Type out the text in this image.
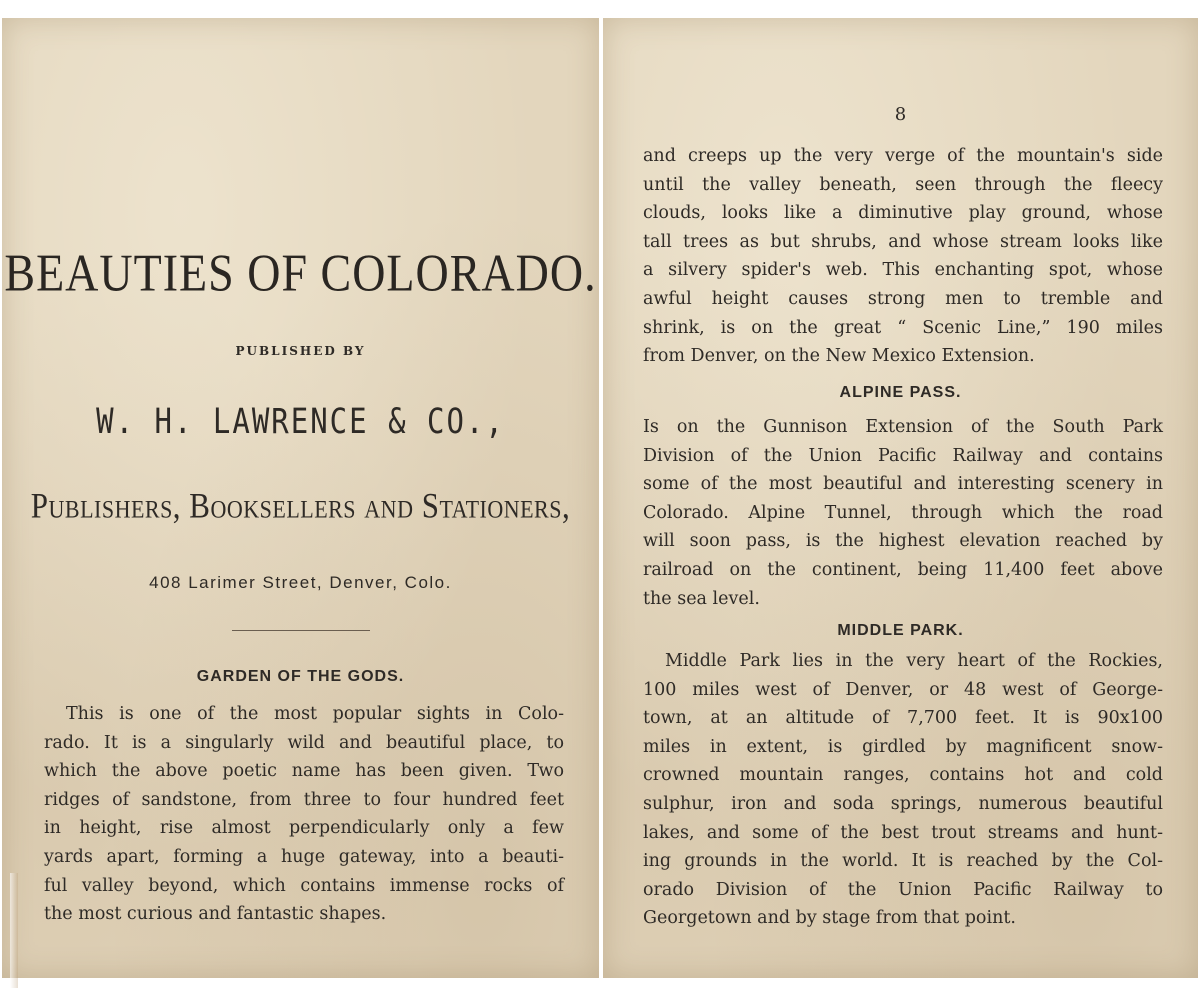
BEAUTIES OF COLORADO.
PUBLISHED BY
W. H. LAWRENCE & CO.,
Publishers, Booksellers and Stationers,
408 Larimer Street, Denver, Colo.
GARDEN OF THE GODS.
This is one of the most popular sights in Colo-
rado. It is a singularly wild and beautiful place, to
which the above poetic name has been given. Two
ridges of sandstone, from three to four hundred feet
in height, rise almost perpendicularly only a few
yards apart, forming a huge gateway, into a beauti-
ful valley beyond, which contains immense rocks of
the most curious and fantastic shapes.
8
and creeps up the very verge of the mountain's side
until the valley beneath, seen through the fleecy
clouds, looks like a diminutive play ground, whose
tall trees as but shrubs, and whose stream looks like
a silvery spider's web. This enchanting spot, whose
awful height causes strong men to tremble and
shrink, is on the great “ Scenic Line,” 190 miles
from Denver, on the New Mexico Extension.
ALPINE PASS.
Is on the Gunnison Extension of the South Park
Division of the Union Pacific Railway and contains
some of the most beautiful and interesting scenery in
Colorado. Alpine Tunnel, through which the road
will soon pass, is the highest elevation reached by
railroad on the continent, being 11,400 feet above
the sea level.
MIDDLE PARK.
Middle Park lies in the very heart of the Rockies,
100 miles west of Denver, or 48 west of George-
town, at an altitude of 7,700 feet. It is 90x100
miles in extent, is girdled by magnificent snow-
crowned mountain ranges, contains hot and cold
sulphur, iron and soda springs, numerous beautiful
lakes, and some of the best trout streams and hunt-
ing grounds in the world. It is reached by the Col-
orado Division of the Union Pacific Railway to
Georgetown and by stage from that point.
